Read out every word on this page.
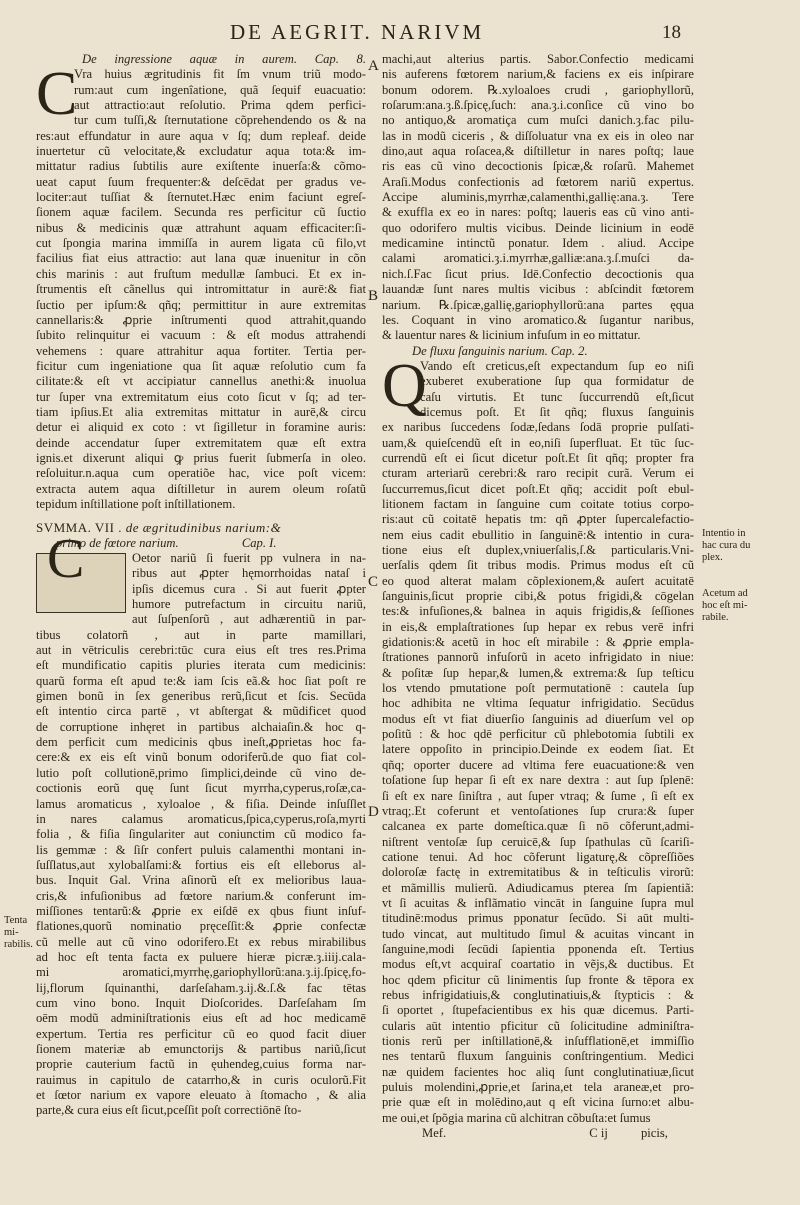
DE AEGRIT. NARIVM	18
De ingressione aquæ in aurem. Cap. 8.
C
Vra huius ægritudinis fit ſm vnum triũ modo-
rum:aut cum ingenîatione, quã ſequif euacuatio:
aut attractio:aut reſolutio. Prima qdem perfici-
tur cum tuſſi,& ſternutatione cõprehendendo os & na
res:aut effundatur in aure aqua v ſq; dum repleaf. deide
inuertetur cũ velocitate,& excludatur aqua tota:& im-
mittatur radius ſubtilis aure exiſtente inuerſa:& cõmo-
ueat caput ſuum frequenter:& deſcēdat per gradus ve-
lociter:aut tuſſiat & ſternutet.Hæc enim faciunt egreſ-
ſionem aquæ facilem. Secunda res perficitur cũ ſuctio
nibus & medicinis quæ attrahunt aquam efficaciter:ſi-
cut ſpongia marina immiſſa in aurem ligata cũ filo,vt
facilius fiat eius attractio: aut lana quæ inuenitur in cõn
chis marinis : aut fruſtum medullæ ſambuci. Et ex in-
ſtrumentis eſt cãnellus qui intromittatur in aurē:& fiat
ſuctio per ipſum:& qñq; permittitur in aure extremitas
cannellaris:& ꝓprie inſtrumenti quod attrahit,quando
ſubito relinquitur ei vacuum : & eſt modus attrahendi
vehemens : quare attrahitur aqua fortiter. Tertia per-
ficitur cum ingeniatione qua ſit aquæ reſolutio cum fa
cilitate:& eſt vt accipiatur cannellus anethi:& inuolua
tur ſuper vna extremitatum eius coto ſicut v ſq; ad ter-
tiam ipſius.Et alia extremitas mittatur in aurē,& circu
detur ei aliquid ex coto : vt ſigilletur in foramine auris:
deinde accendatur ſuper extremitatem quæ eſt extra
ignis.et dixerunt aliqui ꝙ prius fuerit ſubmerſa in oleo.
reſoluitur.n.aqua cum operatiõe hac, vice poſt vicem:
extracta autem aqua diſtilletur in aurem oleum roſatũ
tepidum inſtillatione poſt inſtillationem.
SVMMA. VII . de ægritudinibus narium:&
primo de fœtore narium.	Cap. I.
C	Oetor nariũ ſi fuerit pp vulnera in na-
ribus aut ꝓpter hęmorrhoidas nataſ i
ipſis dicemus cura . Si aut fuerit ꝓpter
humore putrefactum in circuitu nariũ,
aut ſuſpenſorũ , aut adhærentiũ in par-
tibus colatorñ , aut in parte mamillari,
aut in vētriculis cerebri:tūc cura eius eſt tres res.Prima
eſt mundificatio capitis pluries iterata cum medicinis:
quarũ forma eſt apud te:& iam ſcis eã.& hoc ſiat poſt re
gimen bonũ in ſex generibus rerũ,ſicut et ſcis. Secūda
eſt intentio circa partē , vt abſtergat & mũdificet quod
de corruptione inhęret in partibus alchaiaſin.& hoc q-
dem perficit cum medicinis qbus ineſt,ꝓprietas hoc fa-
cere:& ex eis eſt vinũ bonum odoriferũ.de quo fiat col-
lutio poſt collutionē,primo ſimplici,deinde cũ vino de-
coctionis eorũ quę ſunt ſicut myrrha,cyperus,roſæ,ca-
lamus aromaticus , xyloaloe , & fiſia. Deinde inſuſſlet
in nares calamus aromaticus,ſpica,cyperus,roſa,myrti
folia , & fiſia ſingulariter aut coniunctim cũ modico fa-
lis gemmæ : & ſiſr confert puluis calamenthi montani in-
ſuſſlatus,aut xylobalſami:& fortius eis eſt elleborus al-
bus. Inquit Gal. Vrina aſinorũ eſt ex melioribus laua-
cris,& infuſionibus ad fœtore narium.& conferunt im-
miſſiones tentarũ:& ꝓprie ex eiſdē ex qbus fiunt inſuf-
flationes,quorũ nominatio pręceſſit:& ꝓprie confectæ
cũ melle aut cũ vino odorifero.Et ex rebus mirabilibus
ad hoc eſt tenta facta ex puluere hieræ picræ.ȝ.iiij.cala-
mi aromatici,myrrhę,gariophyllorũ:ana.ȝ.ij.ſpicę,fo-
lij,florum ſquinanthi, darſeſaham.ȝ.ij.&.ſ.& fac tētas
cum vino bono. Inquit Dioſcorides. Darſeſaham ſm
oēm modũ adminiſtrationis eius eſt ad hoc medicamē
expertum. Tertia res perficitur cũ eo quod facit diuer
ſionem materiæ ab emunctorijs & partibus nariũ,ſicut
proprie cauterium factũ in ęuhendeg,cuius forma nar-
rauimus in capitulo de catarrho,& in curis oculorũ.Fit
et ſœtor narium ex vapore eleuato à ſtomacho , & alia
parte,& cura eius eſt ſicut,pceſſit poſt correctiōnē ſto-
machi,aut alterius partis. Sabor.Confectio medicami
nis auferens fœtorem narium,& faciens ex eis inſpirare
bonum odorem. ℞.xyloaloes crudi , gariophyllorũ,
roſarum:ana.ȝ.ß.ſpicę,ſuch: ana.ȝ.i.conſice cũ vino bo
no antiquo,& aromatiça cum muſci danich.ȝ.fac pilu-
las in modũ ciceris , & diſſoluatur vna ex eis in oleo nar
dino,aut aqua roſacea,& diſtilletur in nares poſtq; laue
ris eas cũ vino decoctionis ſpicæ,& roſarũ. Mahemet
Araſi.Modus confectionis ad fœtorem nariũ expertus.
Accipe aluminis,myrrhæ,calamenthi,gallię:ana.ȝ. Tere
& exuffla ex eo in nares: poſtq; laueris eas cũ vino anti-
quo odorifero multis vicibus. Deinde licinium in eodē
medicamine intinctũ ponatur. Idem . aliud. Accipe
calami aromatici.ȝ.i.myrrhæ,galliæ:ana.ȝ.ſ.muſci da-
nich.ſ.Fac ſicut prius. Idē.Confectio decoctionis qua
lauandæ ſunt nares multis vicibus : abſcindit fœtorem
narium. ℞.ſpicæ,gallię,gariophyllorũ:ana partes ęqua
les. Coquant in vino aromatico.& ſugantur naribus,
& lauentur nares & licinium infuſum in eo mittatur.
De fluxu ſanguinis narium. Cap. 2.
Q
Vando eſt creticus,eſt expectandum ſup eo niſi
exuberet exuberatione ſup qua formidatur de
caſu virtutis. Et tunc ſuccurrendũ eſt,ſicut
dicemus poſt. Et ſit qñq; fluxus ſanguinis
ex naribus ſuccedens ſodæ,ſedans ſodā proprie pulſati-
uam,& quieſcendũ eſt in eo,niſi ſuperfluat. Et tūc ſuc-
currendũ eſt ei ſicut dicetur poſt.Et ſit qñq; propter fra
cturam arteriarũ cerebri:& raro recipit curã. Verum ei
ſuccurremus,ſicut dicet poſt.Et qñq; accidit poſt ebul-
litionem factam in ſanguine cum coitate totius corpo-
ris:aut cũ coitatē hepatis tm: qñ ꝓpter ſupercalefactio-
nem eius cadit ebullitio in ſanguinē:& intentio in cura-
tione eius eſt duplex,vniuerſalis,ſ.& particularis.Vni-
uerſalis qdem ſit tribus modis. Primus modus eſt cũ
eo quod alterat malam cõplexionem,& auſert acuitatē
ſanguinis,ſicut proprie cibi,& potus frigidi,& cōgelan
tes:& infuſiones,& balnea in aquis frigidis,& ſeſſiones
in eis,& emplaſtrationes ſup hepar ex rebus verē infri
gidationis:& acetũ in hoc eſt mirabile : & ꝓprie empla-
ſtrationes pannorũ infuſorũ in aceto infrigidato in niue:
& poſitæ ſup hepar,& lumen,& extrema:& ſup teſticu
los vtendo pmutatione poſt permutationē : cautela ſup
hoc adhibita ne vltima ſequatur infrigidatio. Secūdus
modus eſt vt fiat diuerſio ſanguinis ad diuerſum vel op
poſitũ : & hoc qdē perficitur cũ phlebotomia ſubtili ex
latere oppoſito in principio.Deinde ex eodem ſiat. Et
qñq; oporter ducere ad vltima fere euacuatione:& ven
toſatione ſup hepar ſi eſt ex nare dextra : aut ſup ſplenē:
ſi eſt ex nare ſiniſtra , aut ſuper vtraq; & ſume , ſi eſt ex
vtraq;.Et coferunt et ventoſationes ſup crura:& ſuper
calcanea ex parte domeſtica.quæ ſi nō cõferunt,admi-
niſtrent ventoſæ ſup ceruicē,& ſup ſpathulas cũ ſcariſi-
catione tenui. Ad hoc cõferunt ligaturę,& cõpreſſiões
doloroſæ factę in extremitatibus & in teſticulis virorũ:
et mãmillis mulierũ. Adiudicamus pterea ſm ſapientiã:
vt ſi acuitas & inflãmatio vincāt in ſanguine ſupra mul
titudinē:modus primus pponatur ſecūdo. Si aūt multi-
tudo vincat, aut multitudo ſimul & acuitas vincant in
ſanguine,modi ſecūdi ſapientia pponenda eſt. Tertius
modus eſt,vt acquiraſ coartatio in vẽjs,& ductibus. Et
hoc qdem pficitur cũ linimentis ſup fronte & tēpora ex
rebus infrigidatiuis,& conglutinatiuis,& ſtypticis : &
ſi oportet , ſtupefacientibus ex his quæ dicemus. Parti-
cularis aūt intentio pficitur cũ ſolicitudine adminiſtra-
tionis rerũ per inſtillationē,& inſufflationē,et immiſſio
nes tentarũ fluxum ſanguinis conſtringentium. Medici
næ quidem facientes hoc aliq ſunt conglutinatiuæ,ſicut
puluis molendini,ꝓprie,et ſarina,et tela araneæ,et pro-
prie quæ eſt in molēdino,aut q eſt vicina ſurno:et albu-
me oui,et ſpõgia marina cũ alchitran cõbuſta:et ſumus
Mef.	C ij	picis,
A
B
C
D
Tenta mi-
rabilis.
Intentio in
hac cura du
plex.
Acetum ad
hoc eſt mi-
rabile.
